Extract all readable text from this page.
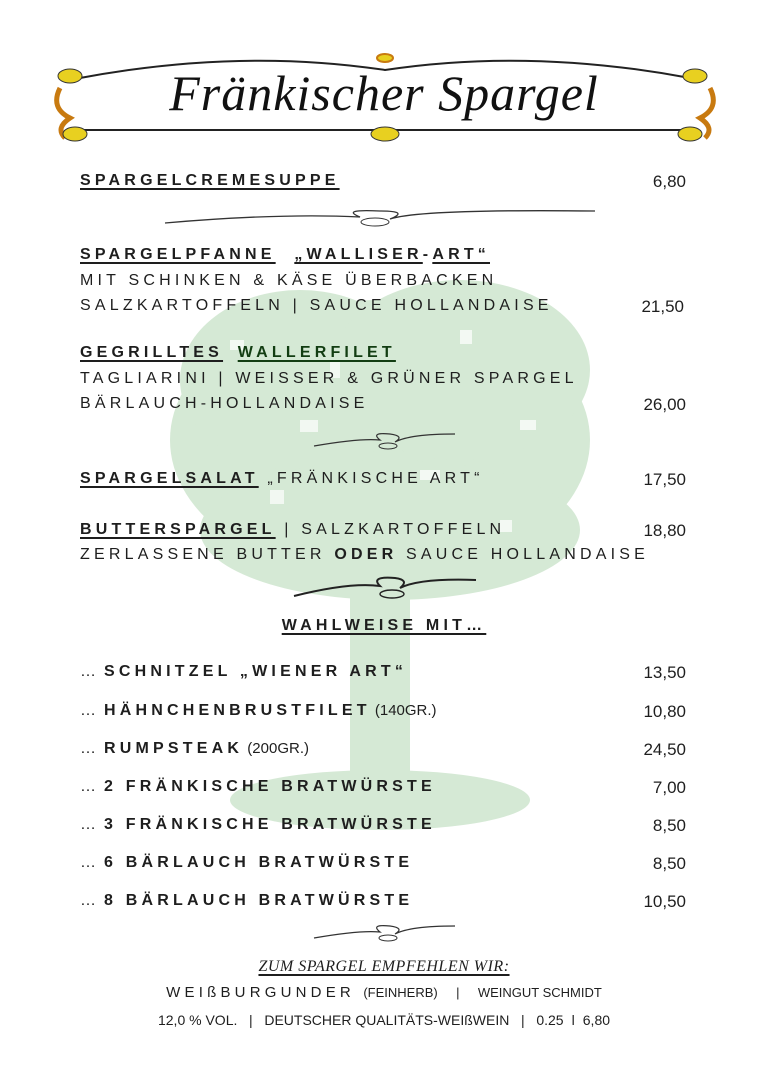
Fränkischer Spargel
SPARGELCREMESUPPE	6,80
SPARGELPFANNE „WALLISER-ART“
MIT SCHINKEN & KÄSE ÜBERBACKEN
SALZKARTOFFELN | SAUCE HOLLANDAISE	21,50
GEGRILLTES WALLERFILET
TAGLIARINI | WEISSER & GRÜNER SPARGEL
BÄRLAUCH-HOLLANDAISE	26,00
SPARGELSALAT „FRÄNKISCHE ART“	17,50
BUTTERSPARGEL | SALZKARTOFFELN	18,80
ZERLASSENE BUTTER ODER SAUCE HOLLANDAISE
WAHLWEISE MIT…
… SCHNITZEL „WIENER ART“	13,50
… HÄHNCHENBRUSTFILET (140GR.)	10,80
… RUMPSTEAK (200GR.)	24,50
… 2 FRÄNKISCHE BRATWÜRSTE	7,00
… 3 FRÄNKISCHE BRATWÜRSTE	8,50
… 6 BÄRLAUCH BRATWÜRSTE	8,50
… 8 BÄRLAUCH BRATWÜRSTE	10,50
ZUM SPARGEL EMPFEHLEN WIR:
WEIßBURGUNDER (FEINHERB) | WEINGUT SCHMIDT
12,0 % VOL.   |   DEUTSCHER QUALITÄTS-WEIßWEIN   |   0.25  ǀ  6,80
